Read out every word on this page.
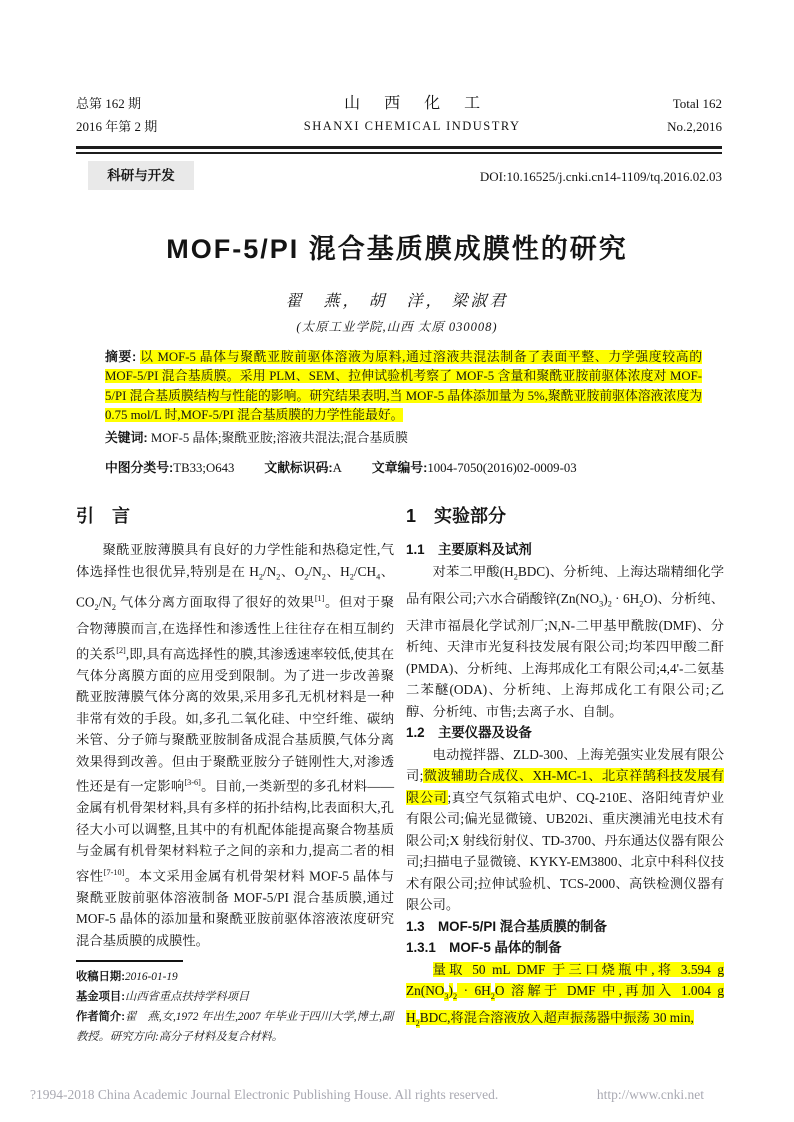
总第 162 期
2016 年第 2 期
山 西 化 工
SHANXI CHEMICAL INDUSTRY
Total 162
No.2,2016
科研与开发	DOI:10.16525/j.cnki.cn14-1109/tq.2016.02.03
MOF-5/PI 混合基质膜成膜性的研究
翟　燕， 胡　洋， 梁淑君
(太原工业学院,山西 太原 030008)
摘要: 以 MOF-5 晶体与聚酰亚胺前驱体溶液为原料,通过溶液共混法制备了表面平整、力学强度较高的 MOF-5/PI 混合基质膜。采用 PLM、SEM、拉伸试验机考察了 MOF-5 含量和聚酰亚胺前驱体浓度对 MOF-5/PI 混合基质膜结构与性能的影响。研究结果表明,当 MOF-5 晶体添加量为 5%,聚酰亚胺前驱体溶液浓度为 0.75 mol/L 时,MOF-5/PI 混合基质膜的力学性能最好。
关键词: MOF-5 晶体;聚酰亚胺;溶液共混法;混合基质膜
中图分类号:TB33;O643 文献标识码:A 文章编号:1004-7050(2016)02-0009-03
引　言
聚酰亚胺薄膜具有良好的力学性能和热稳定性,气体选择性也很优异,特别是在 $H_2/N_2$、$O_2/N_2$、$H_2/CH_4$、$CO_2/N_2$ 气体分离方面取得了很好的效果[1]。但对于聚合物薄膜而言,在选择性和渗透性上往往存在相互制约的关系[2],即,具有高选择性的膜,其渗透速率较低,使其在气体分离膜方面的应用受到限制。为了进一步改善聚酰亚胺薄膜气体分离的效果,采用多孔无机材料是一种非常有效的手段。如,多孔二氧化硅、中空纤维、碳纳米管、分子筛与聚酰亚胺制备成混合基质膜,气体分离效果得到改善。但由于聚酰亚胺分子链刚性大,对渗透性还是有一定影响[3-6]。目前,一类新型的多孔材料——金属有机骨架材料,具有多样的拓扑结构,比表面积大,孔径大小可以调整,且其中的有机配体能提高聚合物基质与金属有机骨架材料粒子之间的亲和力,提高二者的相容性[7-10]。本文采用金属有机骨架材料 MOF-5 晶体与聚酰亚胺前驱体溶液制备 MOF-5/PI 混合基质膜,通过 MOF-5 晶体的添加量和聚酰亚胺前驱体溶液浓度研究混合基质膜的成膜性。
收稿日期:2016-01-19
基金项目:山西省重点扶持学科项目
作者简介:翟　燕,女,1972 年出生,2007 年毕业于四川大学,博士,副教授。研究方向:高分子材料及复合材料。
1　实验部分
1.1　主要原料及试剂
对苯二甲酸$(H_2BDC)$、分析纯、上海达瑞精细化学品有限公司;六水合硝酸锌$(Zn(NO_3)_2 \cdot 6H_2O)$、分析纯、天津市福晨化学试剂厂;N,N-二甲基甲酰胺(DMF)、分析纯、天津市光复科技发展有限公司;均苯四甲酸二酐(PMDA)、分析纯、上海邦成化工有限公司;4,4'-二氨基二苯醚(ODA)、分析纯、上海邦成化工有限公司;乙醇、分析纯、市售;去离子水、自制。
1.2　主要仪器及设备
电动搅拌器、ZLD-300、上海羌强实业发展有限公司;微波辅助合成仪、XH-MC-1、北京祥鹄科技发展有限公司;真空气氛箱式电炉、CQ-210E、洛阳纯青炉业有限公司;偏光显微镜、UB202i、重庆澳浦光电技术有限公司;X 射线衍射仪、TD-3700、丹东通达仪器有限公司;扫描电子显微镜、KYKY-EM3800、北京中科科仪技术有限公司;拉伸试验机、TCS-2000、高铁检测仪器有限公司。
1.3　MOF-5/PI 混合基质膜的制备
1.3.1　MOF-5 晶体的制备
量取 50 mL DMF 于三口烧瓶中,将 3.594 g $Zn(NO_3)_2 \cdot 6H_2O$ 溶解于 DMF 中,再加入 1.004 g $H_2BDC$,将混合溶液放入超声振荡器中振荡 30 min,
?1994-2018 China Academic Journal Electronic Publishing House. All rights reserved.	http://www.cnki.net
